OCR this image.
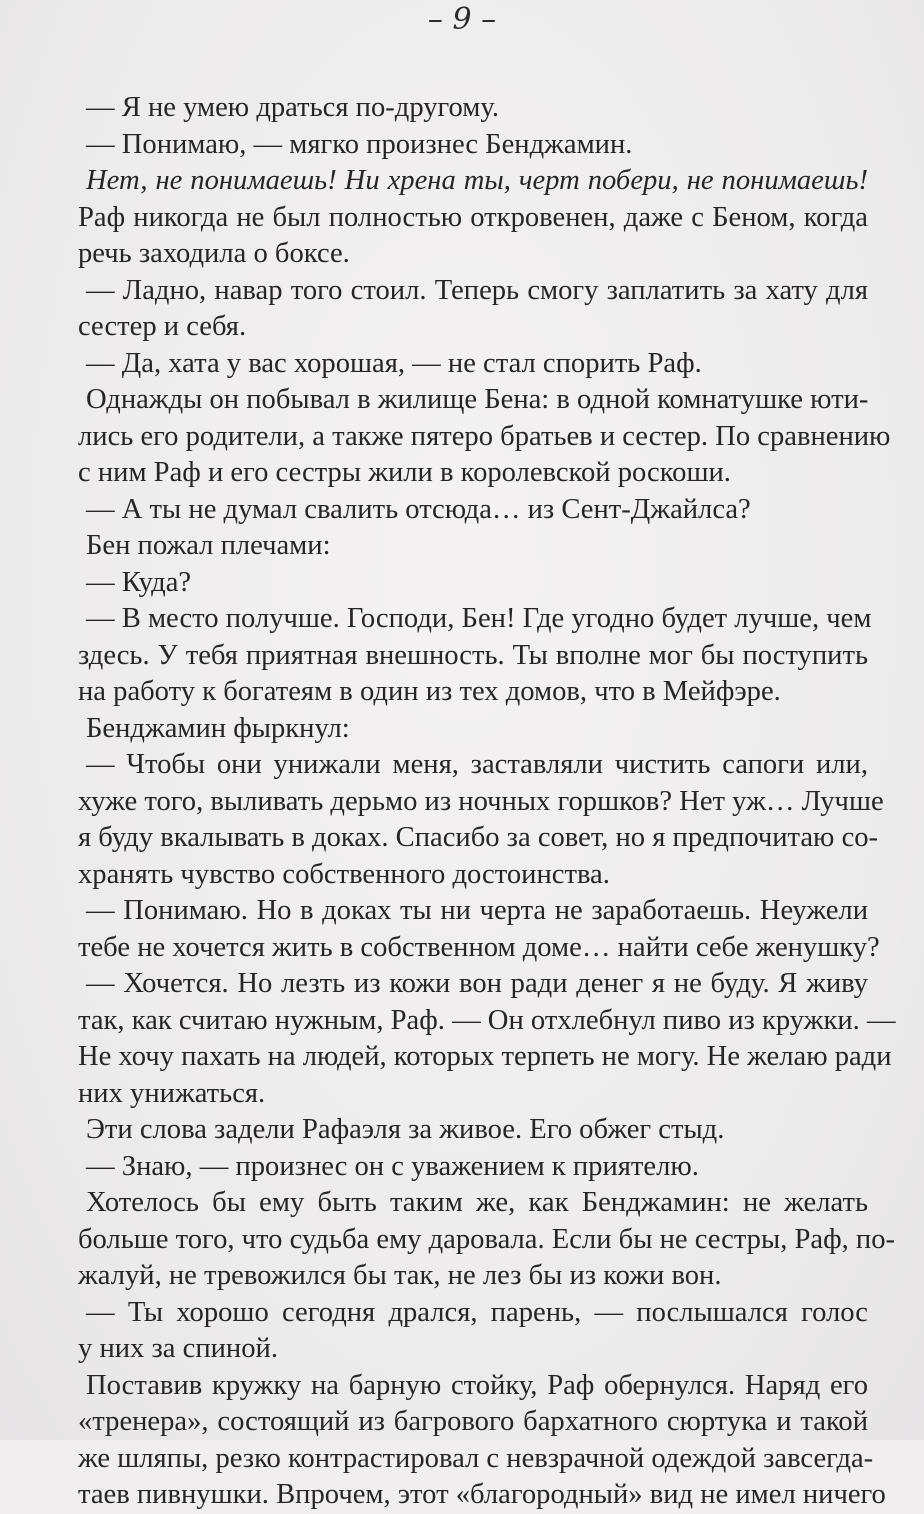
– 9 –
— Я не умею драться по-другому.
— Понимаю, — мягко произнес Бенджамин.
Нет, не понимаешь! Ни хрена ты, черт побери, не понимаешь!
Раф никогда не был полностью откровенен, даже с Беном, когда
речь заходила о боксе.
— Ладно, навар того стоил. Теперь смогу заплатить за хату для
сестер и себя.
— Да, хата у вас хорошая, — не стал спорить Раф.
Однажды он побывал в жилище Бена: в одной комнатушке юти-
лись его родители, а также пятеро братьев и сестер. По сравнению
с ним Раф и его сестры жили в королевской роскоши.
— А ты не думал свалить отсюда… из Сент-Джайлса?
Бен пожал плечами:
— Куда?
— В место получше. Господи, Бен! Где угодно будет лучше, чем
здесь. У тебя приятная внешность. Ты вполне мог бы поступить
на работу к богатеям в один из тех домов, что в Мейфэре.
Бенджамин фыркнул:
— Чтобы они унижали меня, заставляли чистить сапоги или,
хуже того, выливать дерьмо из ночных горшков? Нет уж… Лучше
я буду вкалывать в доках. Спасибо за совет, но я предпочитаю со-
хранять чувство собственного достоинства.
— Понимаю. Но в доках ты ни черта не заработаешь. Неужели
тебе не хочется жить в собственном доме… найти себе женушку?
— Хочется. Но лезть из кожи вон ради денег я не буду. Я живу
так, как считаю нужным, Раф. — Он отхлебнул пиво из кружки. —
Не хочу пахать на людей, которых терпеть не могу. Не желаю ради
них унижаться.
Эти слова задели Рафаэля за живое. Его обжег стыд.
— Знаю, — произнес он с уважением к приятелю.
Хотелось бы ему быть таким же, как Бенджамин: не желать
больше того, что судьба ему даровала. Если бы не сестры, Раф, по-
жалуй, не тревожился бы так, не лез бы из кожи вон.
— Ты хорошо сегодня дрался, парень, — послышался голос
у них за спиной.
Поставив кружку на барную стойку, Раф обернулся. Наряд его
«тренера», состоящий из багрового бархатного сюртука и такой
же шляпы, резко контрастировал с невзрачной одеждой завсегда-
таев пивнушки. Впрочем, этот «благородный» вид не имел ничего
